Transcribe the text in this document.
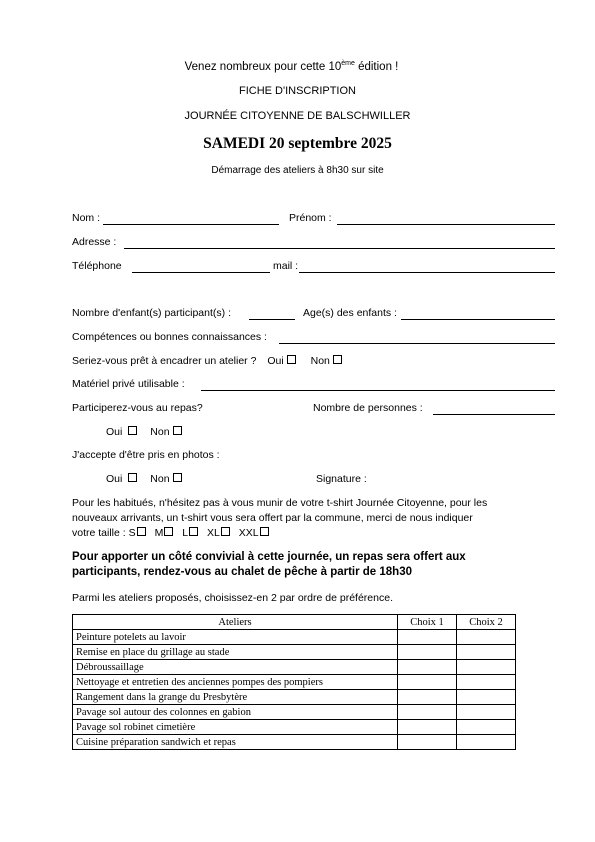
Venez nombreux pour cette 10ème édition !
FICHE D'INSCRIPTION
JOURNÉE CITOYENNE DE BALSCHWILLER
SAMEDI 20 septembre 2025
Démarrage des ateliers à 8h30 sur site
Nom :	Prénom :
Adresse :
Téléphone	mail :
Nombre d'enfant(s) participant(s) :	Age(s) des enfants :
Compétences ou bonnes connaissances :
Seriez-vous prêt à encadrer un atelier ? Oui	Non
Matériel privé utilisable :
Participerez-vous au repas?	Nombre de personnes :
Oui	Non
J'accepte d'être pris en photos :
Oui	Non	Signature :
Pour les habitués, n'hésitez pas à vous munir de votre t-shirt Journée Citoyenne, pour les
nouveaux arrivants, un t-shirt vous sera offert par la commune, merci de nous indiquer
votre taille : S M L XL XXL
Pour apporter un côté convivial à cette journée, un repas sera offert aux
participants, rendez-vous au chalet de pêche à partir de 18h30
Parmi les ateliers proposés, choisissez-en 2 par ordre de préférence.
Ateliers	Choix 1	Choix 2
Peinture potelets au lavoir		
Remise en place du grillage au stade		
Débroussaillage		
Nettoyage et entretien des anciennes pompes des pompiers		
Rangement dans la grange du Presbytère		
Pavage sol autour des colonnes en gabion		
Pavage sol robinet cimetière		
Cuisine préparation sandwich et repas		
